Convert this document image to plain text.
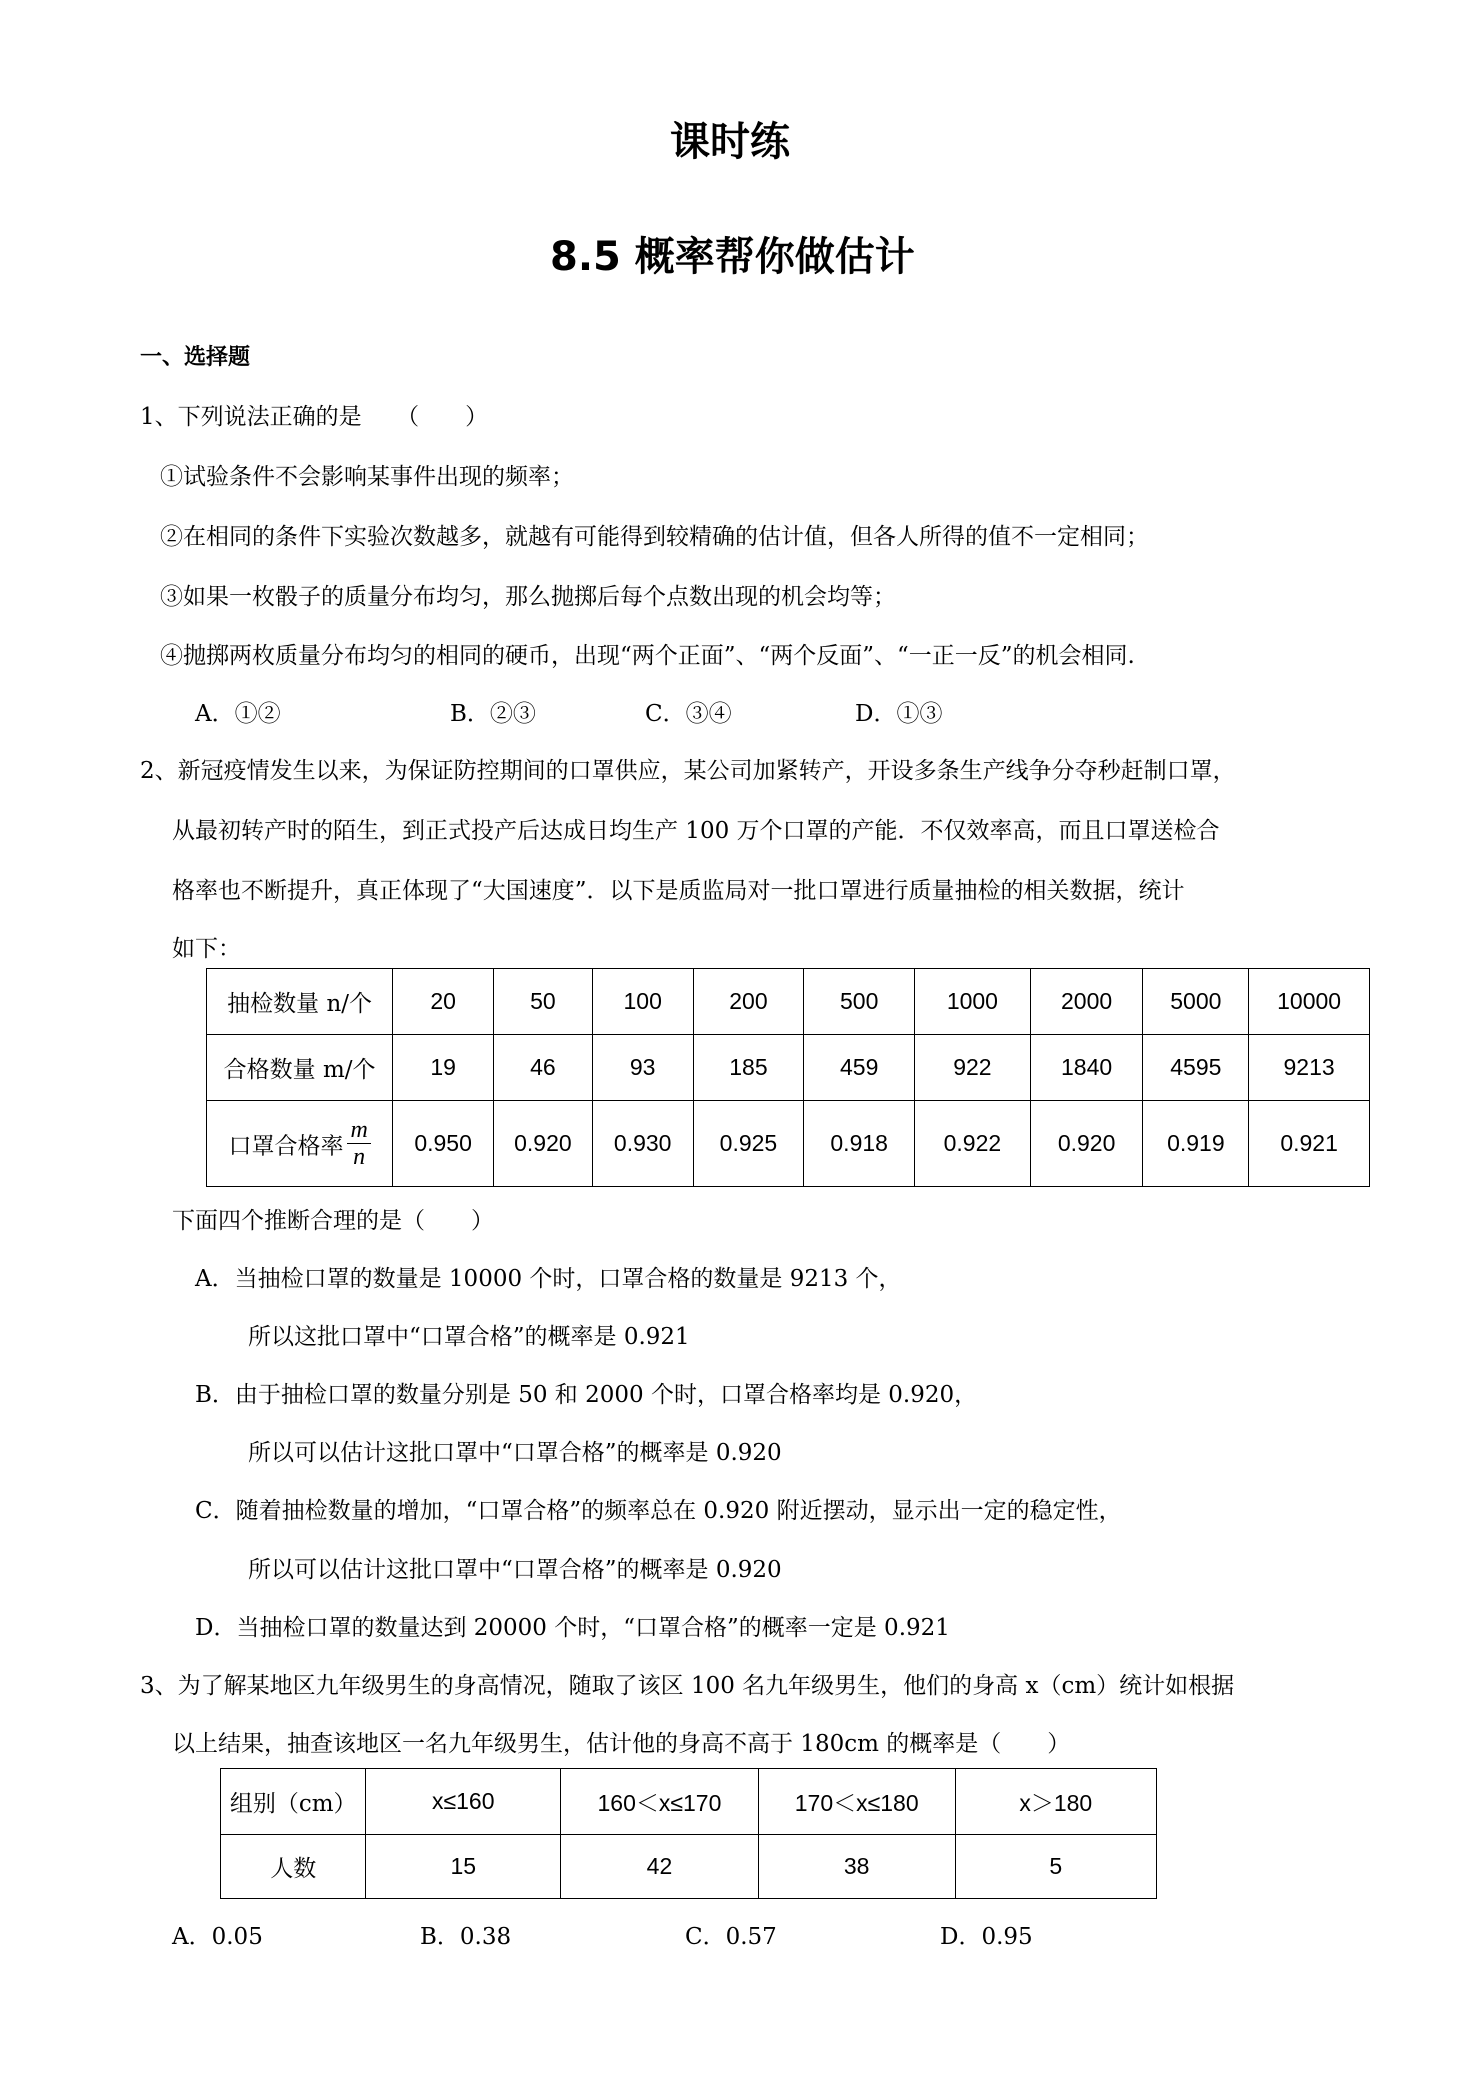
课时练
8.5 概率帮你做估计
一、选择题
1、下列说法正确的是　　（　　）
①试验条件不会影响某事件出现的频率；
②在相同的条件下实验次数越多，就越有可能得到较精确的估计值，但各人所得的值不一定相同；
③如果一枚骰子的质量分布均匀，那么抛掷后每个点数出现的机会均等；
④抛掷两枚质量分布均匀的相同的硬币，出现“两个正面”、“两个反面”、“一正一反”的机会相同.
A．①②	B．②③	C．③④	D．①③
2、新冠疫情发生以来，为保证防控期间的口罩供应，某公司加紧转产，开设多条生产线争分夺秒赶制口罩，
从最初转产时的陌生，到正式投产后达成日均生产 100 万个口罩的产能．不仅效率高，而且口罩送检合
格率也不断提升，真正体现了“大国速度”．以下是质监局对一批口罩进行质量抽检的相关数据，统计
如下：
抽检数量 n/个	20	50	100	200	500	1000	2000	5000	10000
合格数量 m/个	19	46	93	185	459	922	1840	4595	9213
口罩合格率 $\frac{m}{n}$	0.950	0.920	0.930	0.925	0.918	0.922	0.920	0.919	0.921
下面四个推断合理的是（　　）
A．当抽检口罩的数量是 10000 个时，口罩合格的数量是 9213 个，
所以这批口罩中“口罩合格”的概率是 0.921
B．由于抽检口罩的数量分别是 50 和 2000 个时，口罩合格率均是 0.920，
所以可以估计这批口罩中“口罩合格”的概率是 0.920
C．随着抽检数量的增加，“口罩合格”的频率总在 0.920 附近摆动，显示出一定的稳定性，
所以可以估计这批口罩中“口罩合格”的概率是 0.920
D．当抽检口罩的数量达到 20000 个时，“口罩合格”的概率一定是 0.921
3、为了解某地区九年级男生的身高情况，随取了该区 100 名九年级男生，他们的身高 x（cm）统计如根据
以上结果，抽查该地区一名九年级男生，估计他的身高不高于 180cm 的概率是（　　）
组别（cm）	x≤160	160＜x≤170	170＜x≤180	x＞180
人数	15	42	38	5
A．0.05	B．0.38	C．0.57	D．0.95
